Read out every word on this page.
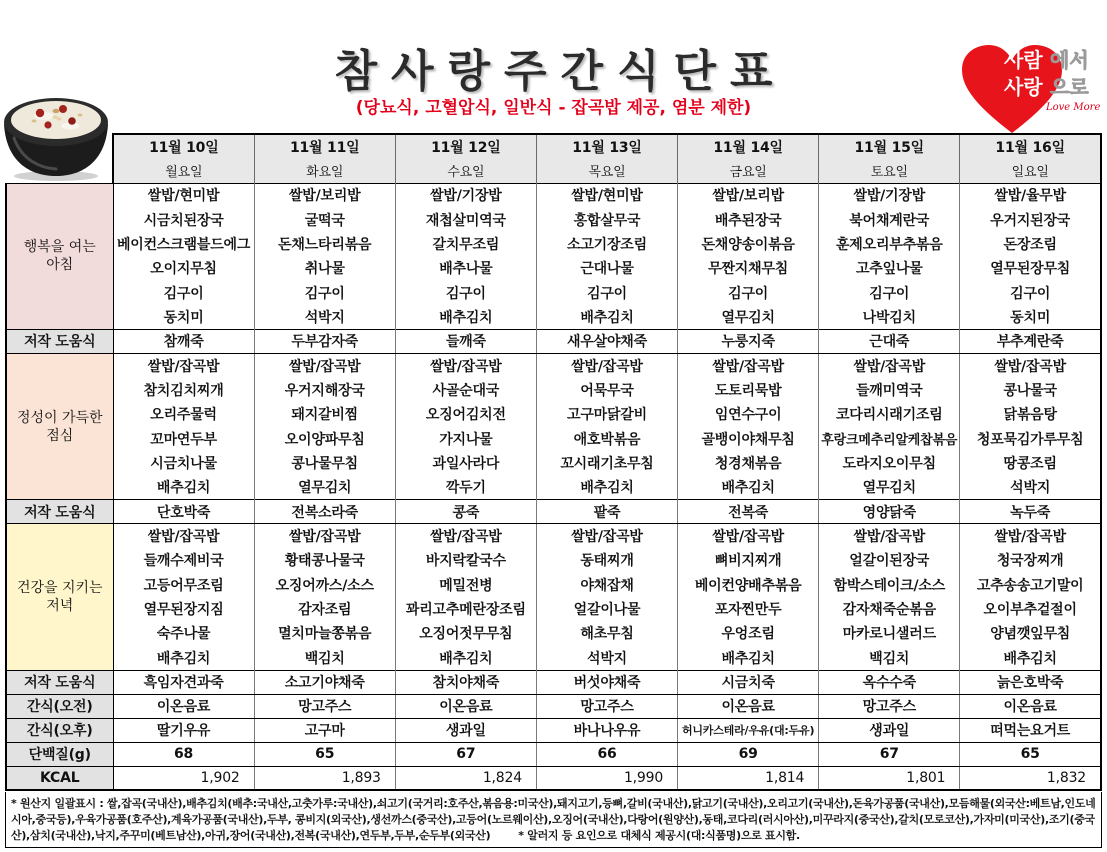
참사랑주간식단표
(당뇨식, 고혈압식, 일반식 - 잡곡밥 제공, 염분 제한)
사람 에서
사랑 으로
Love More

	11월 10일	11월 11일	11월 12일	11월 13일	11월 14일	11월 15일	11월 16일

	월요일	화요일	수요일	목요일	금요일	토요일	일요일

행복을 여는 아침	쌀밥/현미밥	쌀밥/보리밥	쌀밥/기장밥	쌀밥/현미밥	쌀밥/보리밥	쌀밥/기장밥	쌀밥/율무밥

	시금치된장국	굴떡국	재첩살미역국	홍합살무국	배추된장국	북어채계란국	우거지된장국

	베이컨스크램블드에그	돈채느타리볶음	갈치무조림	소고기장조림	돈채양송이볶음	훈제오리부추볶음	돈장조림

	오이지무침	취나물	배추나물	근대나물	무짠지채무침	고추잎나물	열무된장무침

	김구이	김구이	김구이	김구이	김구이	김구이	김구이

	동치미	석박지	배추김치	배추김치	열무김치	나박김치	동치미

저작 도움식	참깨죽	두부감자죽	들깨죽	새우살야채죽	누룽지죽	근대죽	부추계란죽

정성이 가득한 점심	쌀밥/잡곡밥	쌀밥/잡곡밥	쌀밥/잡곡밥	쌀밥/잡곡밥	쌀밥/잡곡밥	쌀밥/잡곡밥	쌀밥/잡곡밥

	참치김치찌개	우거지해장국	사골순대국	어묵무국	도토리묵밥	들깨미역국	콩나물국

	오리주물럭	돼지갈비찜	오징어김치전	고구마닭갈비	임연수구이	코다리시래기조림	닭볶음탕

	꼬마연두부	오이양파무침	가지나물	애호박볶음	골뱅이야채무침	후랑크메추리알케찹볶음	청포묵김가루무침

	시금치나물	콩나물무침	과일사라다	꼬시래기초무침	청경채볶음	도라지오이무침	땅콩조림

	배추김치	열무김치	깍두기	배추김치	배추김치	열무김치	석박지

저작 도움식	단호박죽	전복소라죽	콩죽	팥죽	전복죽	영양닭죽	녹두죽

건강을 지키는 저녁	쌀밥/잡곡밥	쌀밥/잡곡밥	쌀밥/잡곡밥	쌀밥/잡곡밥	쌀밥/잡곡밥	쌀밥/잡곡밥	쌀밥/잡곡밥

	들깨수제비국	황태콩나물국	바지락칼국수	동태찌개	뼈비지찌개	얼갈이된장국	청국장찌개

	고등어무조림	오징어까스/소스	메밀전병	야채잡채	베이컨양배추볶음	함박스테이크/소스	고추송송고기말이

	열무된장지짐	감자조림	꽈리고추메란장조림	얼갈이나물	포자찐만두	감자채죽순볶음	오이부추겉절이

	숙주나물	멸치마늘쫑볶음	오징어젓무무침	해초무침	우엉조림	마카로니샐러드	양념깻잎무침

	배추김치	백김치	배추김치	석박지	배추김치	백김치	배추김치

저작 도움식	흑임자견과죽	소고기야채죽	참치야채죽	버섯야채죽	시금치죽	옥수수죽	늙은호박죽

간식(오전)	이온음료	망고주스	이온음료	망고주스	이온음료	망고주스	이온음료

간식(오후)	딸기우유	고구마	생과일	바나나우유	허니카스테라/우유(대:두유)	생과일	떠먹는요거트

단백질(g)	68	65	67	66	69	67	65

KCAL	1,902	1,893	1,824	1,990	1,814	1,801	1,832
* 원산지 일괄표시 : 쌀,잡곡(국내산),배추김치(배추:국내산,고춧가루:국내산),쇠고기(국거리:호주산,볶음용:미국산),돼지고기,등뼈,갈비(국내산),닭고기(국내산),오리고기(국내산),돈육가공품(국내산),모듬해물(외국산:베트남,인도네시아,중국등),우육가공품(호주산),계육가공품(국내산),두부, 콩비지(외국산),생선까스(중국산),고등어(노르웨이산),오징어(국내산),다랑어(원양산),동태,코다리(러시아산),미꾸라지(중국산),갈치(모로코산),가자미(미국산),조기(중국산),삼치(국내산),낙지,주꾸미(베트남산),아귀,장어(국내산),전복(국내산),연두부,두부,순두부(외국산)	* 알러지 등 요인으로 대체식 제공시(대:식품명)으로 표시함.
